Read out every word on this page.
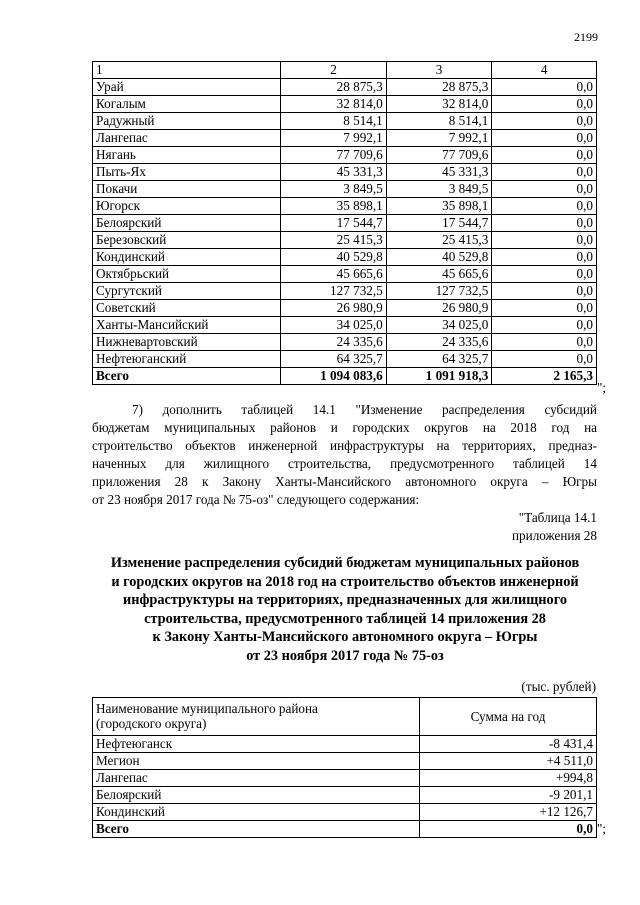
2199
1	2	3	4
Урай	28 875,3	28 875,3	0,0
Когалым	32 814,0	32 814,0	0,0
Радужный	8 514,1	8 514,1	0,0
Лангепас	7 992,1	7 992,1	0,0
Нягань	77 709,6	77 709,6	0,0
Пыть-Ях	45 331,3	45 331,3	0,0
Покачи	3 849,5	3 849,5	0,0
Югорск	35 898,1	35 898,1	0,0
Белоярский	17 544,7	17 544,7	0,0
Березовский	25 415,3	25 415,3	0,0
Кондинский	40 529,8	40 529,8	0,0
Октябрьский	45 665,6	45 665,6	0,0
Сургутский	127 732,5	127 732,5	0,0
Советский	26 980,9	26 980,9	0,0
Ханты-Мансийский	34 025,0	34 025,0	0,0
Нижневартовский	24 335,6	24 335,6	0,0
Нефтеюганский	64 325,7	64 325,7	0,0
Всего	1 094 083,6	1 091 918,3	2 165,3
";
7) дополнить таблицей 14.1 "Изменение распределения субсидий
бюджетам муниципальных районов и городских округов на 2018 год на
строительство объектов инженерной инфраструктуры на территориях, предназ-
наченных для жилищного строительства, предусмотренного таблицей 14
приложения 28 к Закону Ханты-Мансийского автономного округа – Югры
от 23 ноября 2017 года № 75-оз" следующего содержания:
"Таблица 14.1
приложения 28
Изменение распределения субсидий бюджетам муниципальных районов
и городских округов на 2018 год на строительство объектов инженерной
инфраструктуры на территориях, предназначенных для жилищного
строительства, предусмотренного таблицей 14 приложения 28
к Закону Ханты-Мансийского автономного округа – Югры
от 23 ноября 2017 года № 75-оз
(тыс. рублей)
Наименование муниципального района
(городского округа)	Сумма на год
Нефтеюганск	-8 431,4
Мегион	+4 511,0
Лангепас	+994,8
Белоярский	-9 201,1
Кондинский	+12 126,7
Всего	0,0 ";
